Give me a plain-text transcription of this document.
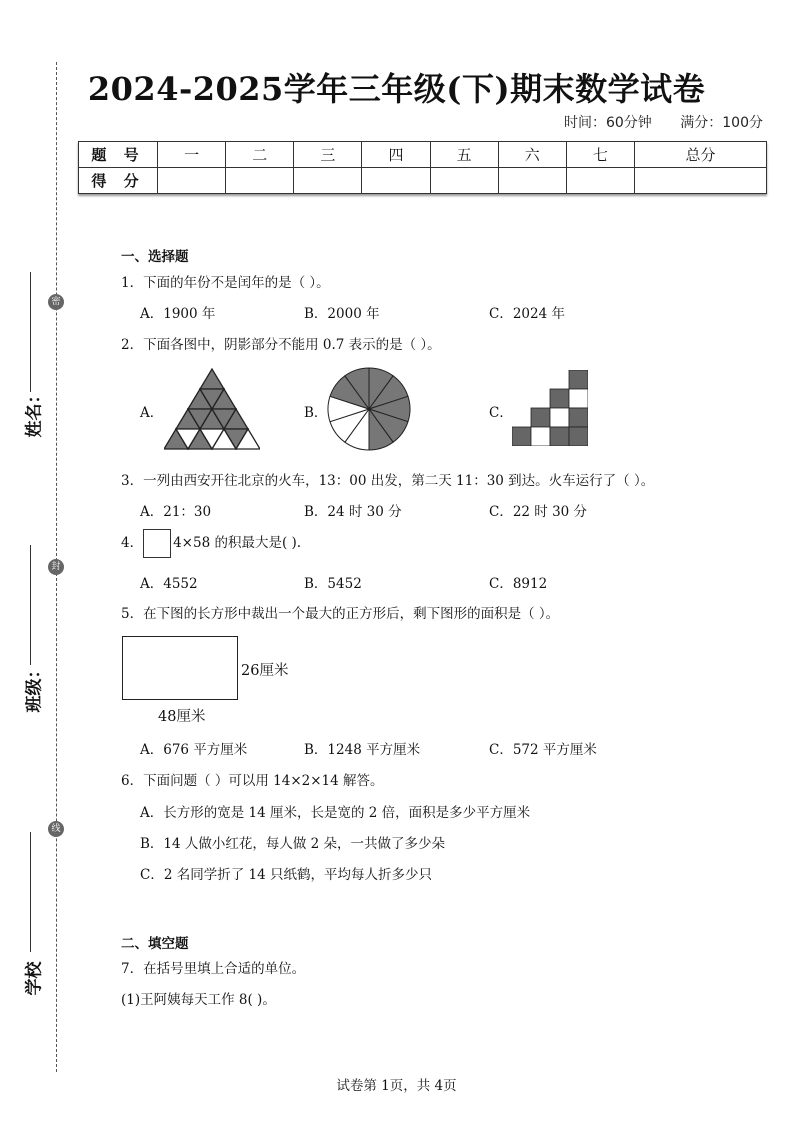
密
封
线
姓名：
班级：
学校
2024-2025学年三年级(下)期末数学试卷
时间：60分钟 满分：100分
题 号	一	二	三	四	五	六	七	总分
得 分								
一、选择题
1．下面的年份不是闰年的是（ ）。
A．1900 年	B．2000 年	C．2024 年
2．下面各图中，阴影部分不能用 0.7 表示的是（ ）。
A．	B．	C．
3．一列由西安开往北京的火车，13：00 出发，第二天 11：30 到达。火车运行了（ ）。
A．21：30	B．24 时 30 分	C．22 时 30 分
4． 4×58 的积最大是( ).
A．4552	B．5452	C．8912
5．在下图的长方形中裁出一个最大的正方形后，剩下图形的面积是（ ）。
26厘米
48厘米
A．676 平方厘米	B．1248 平方厘米	C．572 平方厘米
6．下面问题（ ）可以用 14×2×14 解答。
A．长方形的宽是 14 厘米，长是宽的 2 倍，面积是多少平方厘米
B．14 人做小红花，每人做 2 朵，一共做了多少朵
C．2 名同学折了 14 只纸鹤，平均每人折多少只
二、填空题
7．在括号里填上合适的单位。
(1)王阿姨每天工作 8( )。
试卷第 1页，共 4页
